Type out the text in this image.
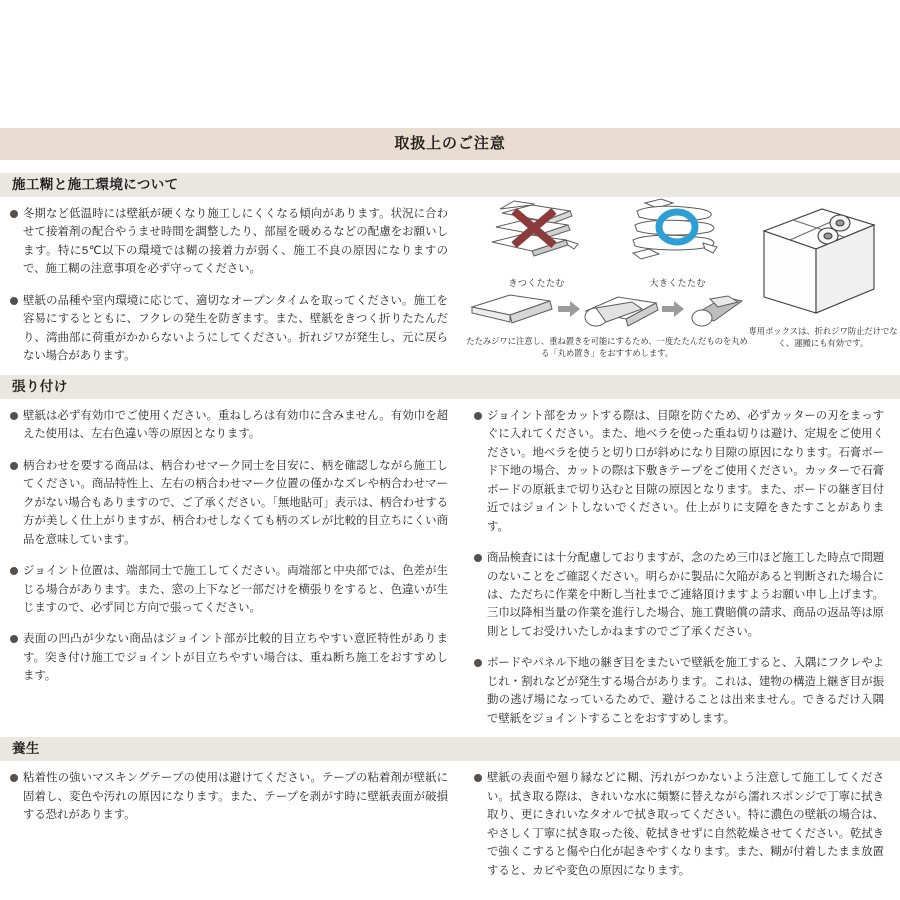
取扱上のご注意
施工糊と施工環境について
冬期など低温時には壁紙が硬くなり施工しにくくなる傾向があります。状況に合わせて接着剤の配合やうませ時間を調整したり、部屋を暖めるなどの配慮をお願いします。特に5℃以下の環境では糊の接着力が弱く、施工不良の原因になりますので、施工糊の注意事項を必ず守ってください。
壁紙の品種や室内環境に応じて、適切なオープンタイムを取ってください。施工を容易にするとともに、フクレの発生を防ぎます。また、壁紙をきつく折りたたんだり、湾曲部に荷重がかからないようにしてください。折れジワが発生し、元に戻らない場合があります。
きつくたたむ	大きくたたむ
たたみジワに注意し、重ね置きを可能にするため、一度たたんだものを丸める「丸め置き」をおすすめします。
専用ボックスは、折れジワ防止だけでなく、運搬にも有効です。
張り付け
壁紙は必ず有効巾でご使用ください。重ねしろは有効巾に含みません。有効巾を超えた使用は、左右色違い等の原因となります。
柄合わせを要する商品は、柄合わせマーク同士を目安に、柄を確認しながら施工してください。商品特性上、左右の柄合わせマーク位置の僅かなズレや柄合わせマークがない場合もありますので、ご了承ください。「無地貼可」表示は、柄合わせする方が美しく仕上がりますが、柄合わせしなくても柄のズレが比較的目立ちにくい商品を意味しています。
ジョイント位置は、端部同士で施工してください。両端部と中央部では、色差が生じる場合があります。また、窓の上下など一部だけを横張りをすると、色違いが生じますので、必ず同じ方向で張ってください。
表面の凹凸が少ない商品はジョイント部が比較的目立ちやすい意匠特性があります。突き付け施工でジョイントが目立ちやすい場合は、重ね断ち施工をおすすめします。
ジョイント部をカットする際は、目隙を防ぐため、必ずカッターの刃をまっすぐに入れてください。また、地ベラを使った重ね切りは避け、定規をご使用ください。地ベラを使うと切り口が斜めになり目隙の原因になります。石膏ボード下地の場合、カットの際は下敷きテープをご使用ください。カッターで石膏ボードの原紙まで切り込むと目隙の原因となります。また、ボードの継ぎ目付近ではジョイントしないでください。仕上がりに支障をきたすことがあります。
商品検査には十分配慮しておりますが、念のため三巾ほど施工した時点で問題のないことをご確認ください。明らかに製品に欠陥があると判断された場合には、ただちに作業を中断し当社までご連絡頂けますようお願い申し上げます。三巾以降相当量の作業を進行した場合、施工費賠償の請求、商品の返品等は原則としてお受けいたしかねますのでご了承ください。
ボードやパネル下地の継ぎ目をまたいで壁紙を施工すると、入隅にフクレやよじれ・割れなどが発生する場合があります。これは、建物の構造上継ぎ目が振動の逃げ場になっているためで、避けることは出来ません。できるだけ入隅で壁紙をジョイントすることをおすすめします。
養生
粘着性の強いマスキングテープの使用は避けてください。テープの粘着剤が壁紙に固着し、変色や汚れの原因になります。また、テープを剥がす時に壁紙表面が破損する恐れがあります。
壁紙の表面や廻り縁などに糊、汚れがつかないよう注意して施工してください。拭き取る際は、きれいな水に頻繁に替えながら濡れスポンジで丁寧に拭き取り、更にきれいなタオルで拭き取ってください。特に濃色の壁紙の場合は、やさしく丁寧に拭き取った後、乾拭きせずに自然乾燥させてください。乾拭きで強くこすると傷や白化が起きやすくなります。また、糊が付着したまま放置すると、カビや変色の原因になります。
